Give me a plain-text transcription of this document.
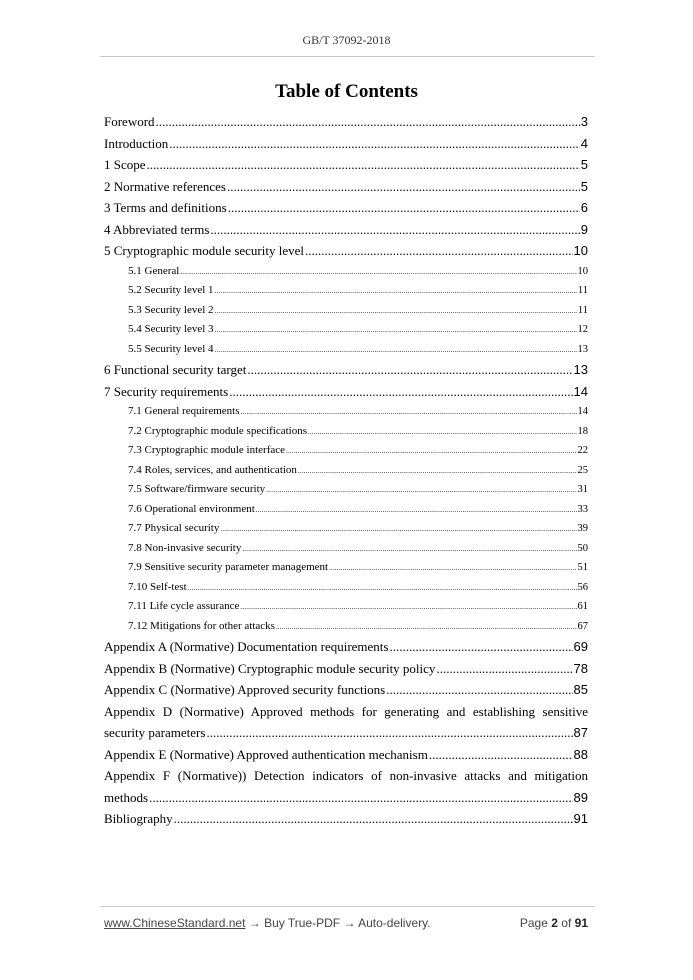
GB/T 37092-2018
Table of Contents
Foreword .....	3
Introduction .....	4
1 Scope .....	5
2 Normative references .....	5
3 Terms and definitions .....	6
4 Abbreviated terms .....	9
5 Cryptographic module security level .....	10
5.1 General .....	10
5.2 Security level 1 .....	11
5.3 Security level 2 .....	11
5.4 Security level 3 .....	12
5.5 Security level 4 .....	13
6 Functional security target .....	13
7 Security requirements .....	14
7.1 General requirements .....	14
7.2 Cryptographic module specifications .....	18
7.3 Cryptographic module interface .....	22
7.4 Roles, services, and authentication .....	25
7.5 Software/firmware security .....	31
7.6 Operational environment .....	33
7.7 Physical security .....	39
7.8 Non-invasive security .....	50
7.9 Sensitive security parameter management .....	51
7.10 Self-test .....	56
7.11 Life cycle assurance .....	61
7.12 Mitigations for other attacks .....	67
Appendix A (Normative) Documentation requirements .....	69
Appendix B (Normative) Cryptographic module security policy .....	78
Appendix C (Normative) Approved security functions .....	85
Appendix D (Normative) Approved methods for generating and establishing sensitive
security parameters .....	87
Appendix E (Normative) Approved authentication mechanism .....	88
Appendix F (Normative)) Detection indicators of non-invasive attacks and mitigation
methods .....	89
Bibliography .....	91
www.ChineseStandard.net → Buy True-PDF → Auto-delivery.	Page 2 of 91
